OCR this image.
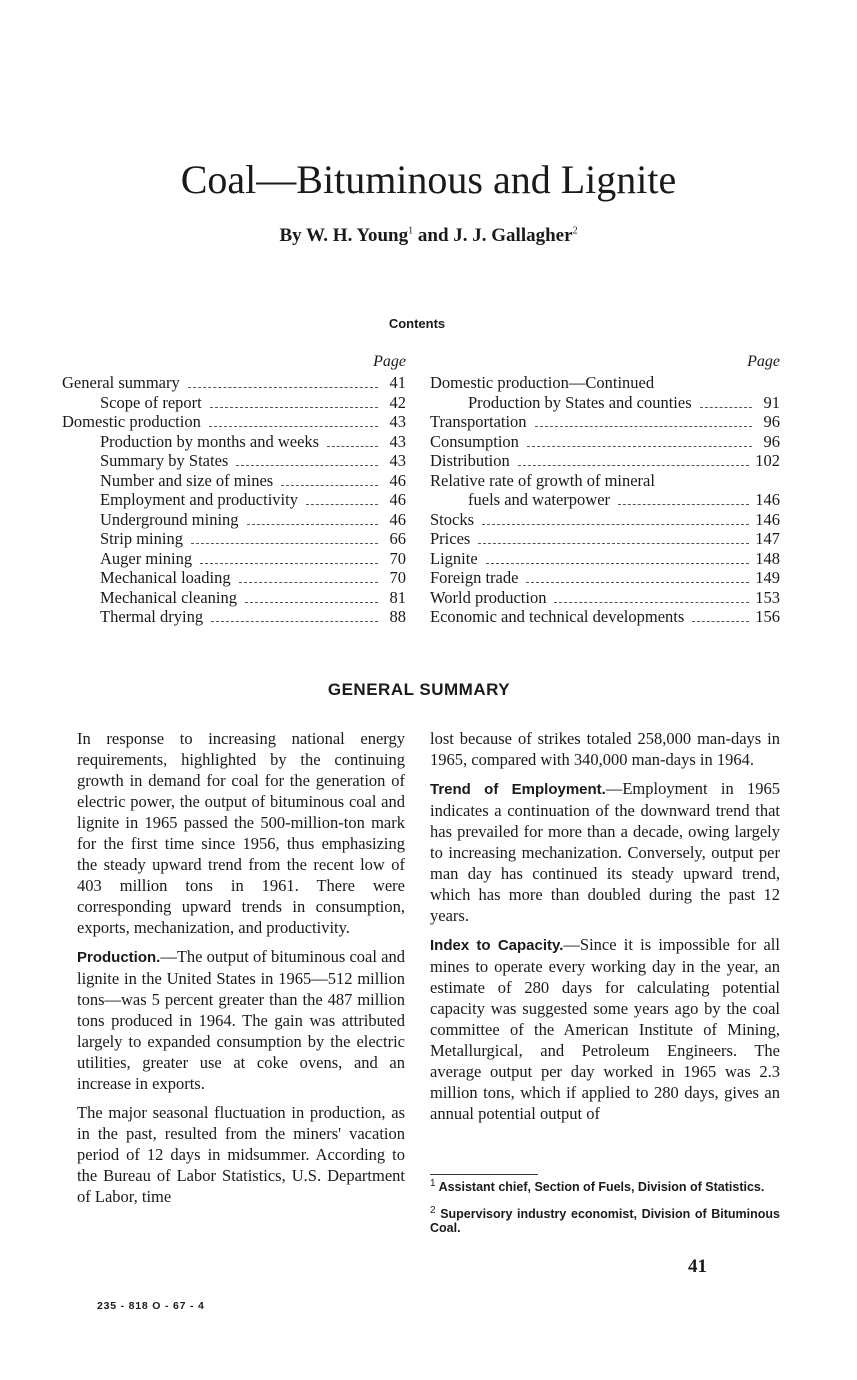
Coal—Bituminous and Lignite
By W. H. Young$^1$ and J. J. Gallagher$^2$
Contents
Page
General summary	41
Scope of report	42
Domestic production	43
Production by months and weeks	43
Summary by States	43
Number and size of mines	46
Employment and productivity	46
Underground mining	46
Strip mining	66
Auger mining	70
Mechanical loading	70
Mechanical cleaning	81
Thermal drying	88
Page
Domestic production—Continued
Production by States and counties	91
Transportation	96
Consumption	96
Distribution	102
Relative rate of growth of mineral
fuels and waterpower	146
Stocks	146
Prices	147
Lignite	148
Foreign trade	149
World production	153
Economic and technical developments	156
GENERAL SUMMARY

In response to increasing national energy requirements, highlighted by the continuing growth in demand for coal for the generation of electric power, the output of bituminous coal and lignite in 1965 passed the 500-million-ton mark for the first time since 1956, thus emphasizing the steady upward trend from the recent low of 403 million tons in 1961. There were corresponding upward trends in consumption, exports, mechanization, and productivity.

Production.—The output of bituminous coal and lignite in the United States in 1965—512 million tons—was 5 percent greater than the 487 million tons produced in 1964. The gain was attributed largely to expanded consumption by the electric utilities, greater use at coke ovens, and an increase in exports.

The major seasonal fluctuation in production, as in the past, resulted from the miners' vacation period of 12 days in midsummer. According to the Bureau of Labor Statistics, U.S. Department of Labor, time

lost because of strikes totaled 258,000 man-days in 1965, compared with 340,000 man-days in 1964.

Trend of Employment.—Employment in 1965 indicates a continuation of the downward trend that has prevailed for more than a decade, owing largely to increasing mechanization. Conversely, output per man day has continued its steady upward trend, which has more than doubled during the past 12 years.

Index to Capacity.—Since it is impossible for all mines to operate every working day in the year, an estimate of 280 days for calculating potential capacity was suggested some years ago by the coal committee of the American Institute of Mining, Metallurgical, and Petroleum Engineers. The average output per day worked in 1965 was 2.3 million tons, which if applied to 280 days, gives an annual potential output of

$^1$ Assistant chief, Section of Fuels, Division of Statistics.
$^2$ Supervisory industry economist, Division of Bituminous Coal.
41
235 - 818 O - 67 - 4
